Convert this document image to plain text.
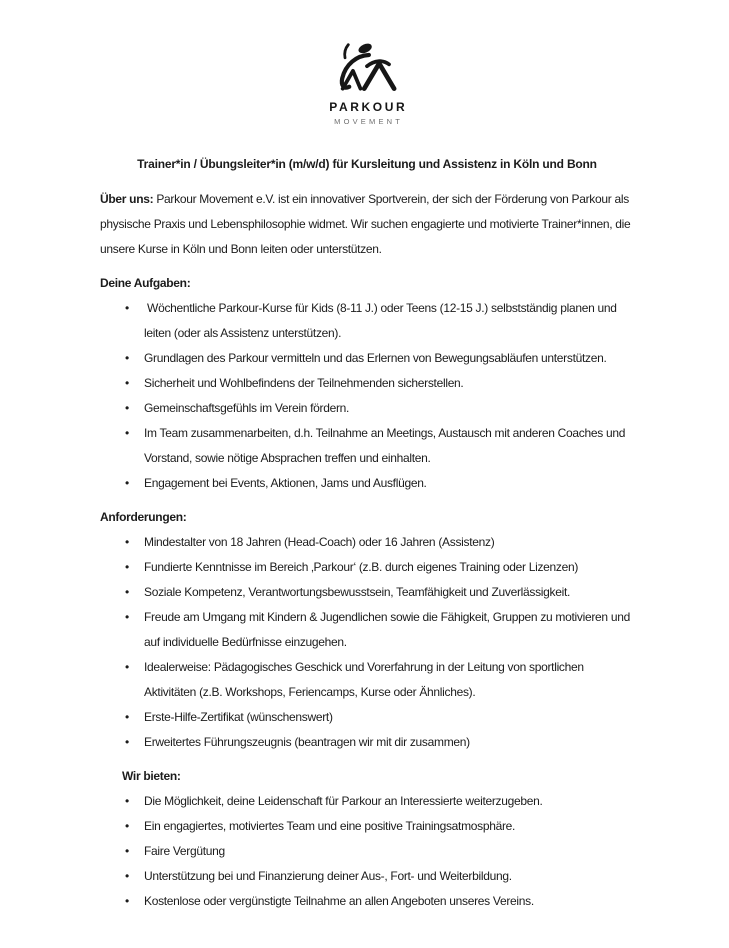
PARKOUR
MOVEMENT
Trainer*in / Übungsleiter*in (m/w/d) für Kursleitung und Assistenz in Köln und Bonn

Über uns: Parkour Movement e.V. ist ein innovativer Sportverein, der sich der Förderung von Parkour als physische Praxis und Lebensphilosophie widmet. Wir suchen engagierte und motivierte Trainer*innen, die unsere Kurse in Köln und Bonn leiten oder unterstützen.

Deine Aufgaben:
•  Wöchentliche Parkour-Kurse für Kids (8-11 J.) oder Teens (12-15 J.) selbstständig planen und leiten (oder als Assistenz unterstützen).
• Grundlagen des Parkour vermitteln und das Erlernen von Bewegungsabläufen unterstützen.
• Sicherheit und Wohlbefindens der Teilnehmenden sicherstellen.
• Gemeinschaftsgefühls im Verein fördern.
• Im Team zusammenarbeiten, d.h. Teilnahme an Meetings, Austausch mit anderen Coaches und Vorstand, sowie nötige Absprachen treffen und einhalten.
• Engagement bei Events, Aktionen, Jams und Ausflügen.
Anforderungen:
• Mindestalter von 18 Jahren (Head-Coach) oder 16 Jahren (Assistenz)
• Fundierte Kenntnisse im Bereich ‚Parkour‘ (z.B. durch eigenes Training oder Lizenzen)
• Soziale Kompetenz, Verantwortungsbewusstsein, Teamfähigkeit und Zuverlässigkeit.
• Freude am Umgang mit Kindern & Jugendlichen sowie die Fähigkeit, Gruppen zu motivieren und auf individuelle Bedürfnisse einzugehen.
• Idealerweise: Pädagogisches Geschick und Vorerfahrung in der Leitung von sportlichen Aktivitäten (z.B. Workshops, Feriencamps, Kurse oder Ähnliches).
• Erste-Hilfe-Zertifikat (wünschenswert)
• Erweitertes Führungszeugnis (beantragen wir mit dir zusammen)
Wir bieten:
• Die Möglichkeit, deine Leidenschaft für Parkour an Interessierte weiterzugeben.
• Ein engagiertes, motiviertes Team und eine positive Trainingsatmosphäre.
• Faire Vergütung
• Unterstützung bei und Finanzierung deiner Aus-, Fort- und Weiterbildung.
• Kostenlose oder vergünstigte Teilnahme an allen Angeboten unseres Vereins.
